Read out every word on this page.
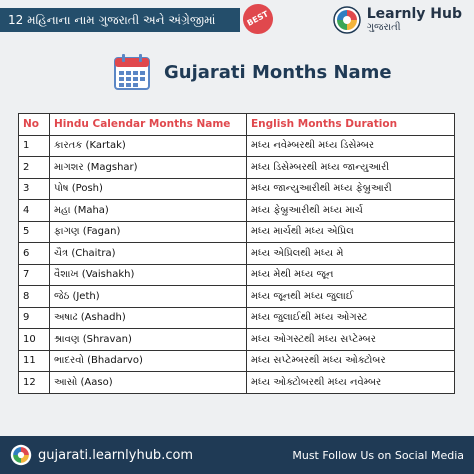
12 મહિનાના નામ ગુજરાતી અને અંગ્રેજીમાં	BEST	Learnly Hub
ગુજરાતી
Gujarati Months Name
No	Hindu Calendar Months Name	English Months Duration
1	કારતક (Kartak)	મધ્ય નવેમ્બરથી મધ્ય ડિસેમ્બર
2	માગશર (Magshar)	મધ્ય ડિસેમ્બરથી મધ્ય જાન્યુઆરી
3	પોષ (Posh)	મધ્ય જાન્યુઆરીથી મધ્ય ફેબ્રુઆરી
4	મહા (Maha)	મધ્ય ફેબ્રુઆરીથી મધ્ય માર્ચ
5	ફાગણ (Fagan)	મધ્ય માર્ચથી મધ્ય એપ્રિલ
6	ચૈત્ર (Chaitra)	મધ્ય એપ્રિલથી મધ્ય મે
7	વૈશાખ (Vaishakh)	મધ્ય મેથી મધ્ય જૂન
8	જેઠ (Jeth)	મધ્ય જૂનથી મધ્ય જુલાઈ
9	અષાઢ (Ashadh)	મધ્ય જુલાઈથી મધ્ય ઓગસ્ટ
10	શ્રાવણ (Shravan)	મધ્ય ઓગસ્ટથી મધ્ય સપ્ટેમ્બર
11	ભાદરવો (Bhadarvo)	મધ્ય સપ્ટેમ્બરથી મધ્ય ઓક્ટોબર
12	આસો (Aaso)	મધ્ય ઓક્ટોબરથી મધ્ય નવેમ્બર
gujarati.learnlyhub.com	Must Follow Us on Social Media
